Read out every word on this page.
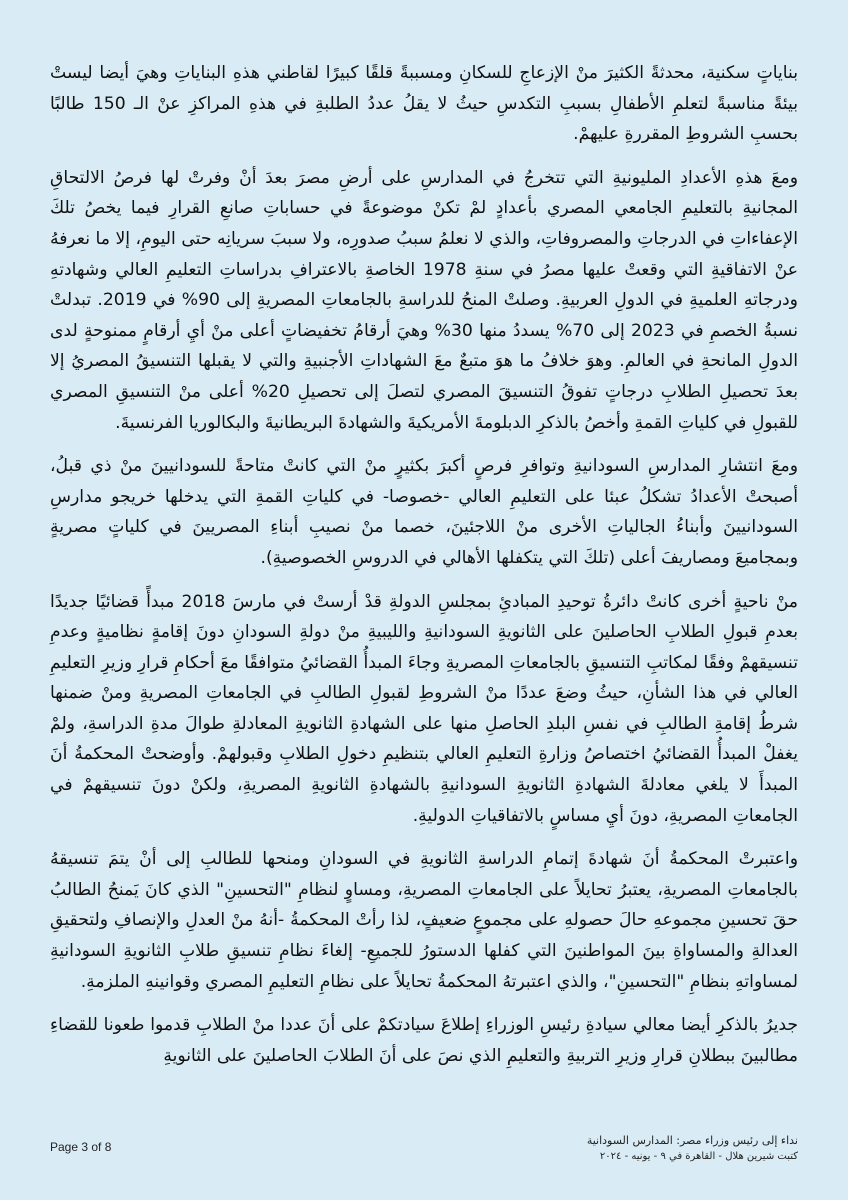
بناياتٍ سكنية، محدثةً الكثيرَ منْ الإزعاجِ للسكانِ ومسببةً قلقًا كبيرًا لقاطني هذهِ البناياتِ وهيَ أيضا ليستْ بيئةً مناسبةً لتعلمِ الأطفالِ بسببِ التكدسِ حيثُ لا يقلُ عددُ الطلبةِ في هذهِ المراكزِ عنْ الـ 150 طالبًا بحسبِ الشروطِ المقررةِ عليهمْ.

ومعَ هذهِ الأعدادِ المليونيةِ التي تتخرجُ في المدارسِ على أرضِ مصرَ بعدَ أنْ وفرتْ لها فرصُ الالتحاقِ المجانيةِ بالتعليمِ الجامعي المصري بأعدادٍ لمْ تكنْ موضوعةً في حساباتِ صانعِ القرارِ فيما يخصُ تلكَ الإعفاءاتِ في الدرجاتِ والمصروفاتِ، والذي لا نعلمُ سببُ صدورِه، ولا سببَ سريانِه حتى اليومِ، إلا ما نعرفهُ عنْ الاتفاقيةِ التي وقعتْ عليها مصرُ في سنةِ 1978 الخاصةِ بالاعترافِ بدراساتِ التعليمِ العالي وشهادتهِ ودرجاتهِ العلميةِ في الدولِ العربيةِ. وصلتْ المنحُ للدراسةِ بالجامعاتِ المصريةِ إلى 90% في 2019. تبدلتْ نسبةُ الخصمِ في 2023 إلى 70% يسددُ منها 30% وهيَ أرقامُ تخفيضاتٍ أعلى منْ أيِ أرقامٍ ممنوحةٍ لدى الدولِ المانحةِ في العالمِ. وهوَ خلافُ ما هوَ متبعٌ معَ الشهاداتِ الأجنبيةِ والتي لا يقبلها التنسيقُ المصريُ إلا بعدَ تحصيلِ الطلابِ درجاتٍ تفوقُ التنسيقَ المصري لتصلَ إلى تحصيلِ 20% أعلى منْ التنسيقِ المصري للقبولِ في كلياتِ القمةِ وأخصُ بالذكرِ الدبلومةَ الأمريكيةَ والشهادةَ البريطانيةَ والبكالوريا الفرنسيةَ.

ومعَ انتشارِ المدارسِ السودانيةِ وتوافرِ فرصٍ أكبرَ بكثيرٍ منْ التي كانتْ متاحةً للسودانيينَ منْ ذي قبلُ، أصبحتْ الأعدادُ تشكلُ عبئا على التعليمِ العالي -خصوصا- في كلياتِ القمةِ التي يدخلها خريجو مدارسِ السودانيينَ وأبناءُ الجالياتِ الأخرى منْ اللاجئينَ، خصما منْ نصيبِ أبناءِ المصريينَ في كلياتٍ مصريةٍ وبمجاميعَ ومصاريفَ أعلى (تلكَ التي يتكفلها الأهالي في الدروسِ الخصوصيةِ).

منْ ناحيةٍ أخرى كانتْ دائرةُ توحيدِ المبادئِ بمجلسِ الدولةِ قدْ أرستْ في مارسَ 2018 مبدأً قضائيًا جديدًا بعدمِ قبولِ الطلابِ الحاصلينَ على الثانويةِ السودانيةِ والليبيةِ منْ دولةِ السودانِ دونَ إقامةٍ نظاميةٍ وعدمِ تنسيقهمْ وفقًا لمكاتبِ التنسيقِ بالجامعاتِ المصريةِ وجاءَ المبدأُ القضائيُ متوافقًا معَ أحكامِ قرارِ وزيرِ التعليمِ العالي في هذا الشأنِ، حيثُ وضعَ عددًا منْ الشروطِ لقبولِ الطالبِ في الجامعاتِ المصريةِ ومنْ ضمنها شرطُ إقامةِ الطالبِ في نفسِ البلدِ الحاصلِ منها على الشهادةِ الثانويةِ المعادلةِ طوالَ مدةِ الدراسةِ، ولمْ يغفلْ المبدأُ القضائيُ اختصاصُ وزارةِ التعليمِ العالي بتنظيمِ دخولِ الطلابِ وقبولهمْ. وأوضحتْ المحكمةُ أنَ المبدأَ لا يلغي معادلةَ الشهادةِ الثانويةِ السودانيةِ بالشهادةِ الثانويةِ المصريةِ، ولكنْ دونَ تنسيقهمْ في الجامعاتِ المصريةِ، دونَ أيِ مساسٍ بالاتفاقياتِ الدوليةِ.

واعتبرتْ المحكمةُ أنَ شهادةَ إتمامِ الدراسةِ الثانويةِ في السودانِ ومنحها للطالبِ إلى أنْ يتمَ تنسيقهُ بالجامعاتِ المصريةِ، يعتبرُ تحايلاً على الجامعاتِ المصريةِ، ومساوٍ لنظامِ "التحسينِ" الذي كانَ يَمنحُ الطالبُ حقَ تحسينِ مجموعهِ حالَ حصولهِ على مجموعٍ ضعيفٍ، لذا رأتْ المحكمةُ -أنهُ منْ العدلِ والإنصافِ ولتحقيقِ العدالةِ والمساواةِ بينَ المواطنينَ التي كفلها الدستورُ للجميعِ- إلغاءَ نظامِ تنسيقِ طلابِ الثانويةِ السودانيةِ لمساواتهِ بنظامِ "التحسينِ"، والذي اعتبرتهُ المحكمةُ تحايلاً على نظامِ التعليمِ المصري وقوانينهِ الملزمةِ.

جديرُ بالذكرِ أيضا معالي سيادةِ رئيسِ الوزراءِ إطلاعَ سيادتكمْ على أنَ عددا منْ الطلابِ قدموا طعونا للقضاءِ مطالبينَ ببطلانِ قرارِ وزيرِ التربيةِ والتعليمِ الذي نصَ على أنَ الطلابَ الحاصلينَ على الثانويةِ

Page 3 of 8	نداء إلى رئيس وزراء مصر: المدارس السودانية
كتبت شيرين هلال - القاهرة في ٩ - يونيه - ٢٠٢٤
